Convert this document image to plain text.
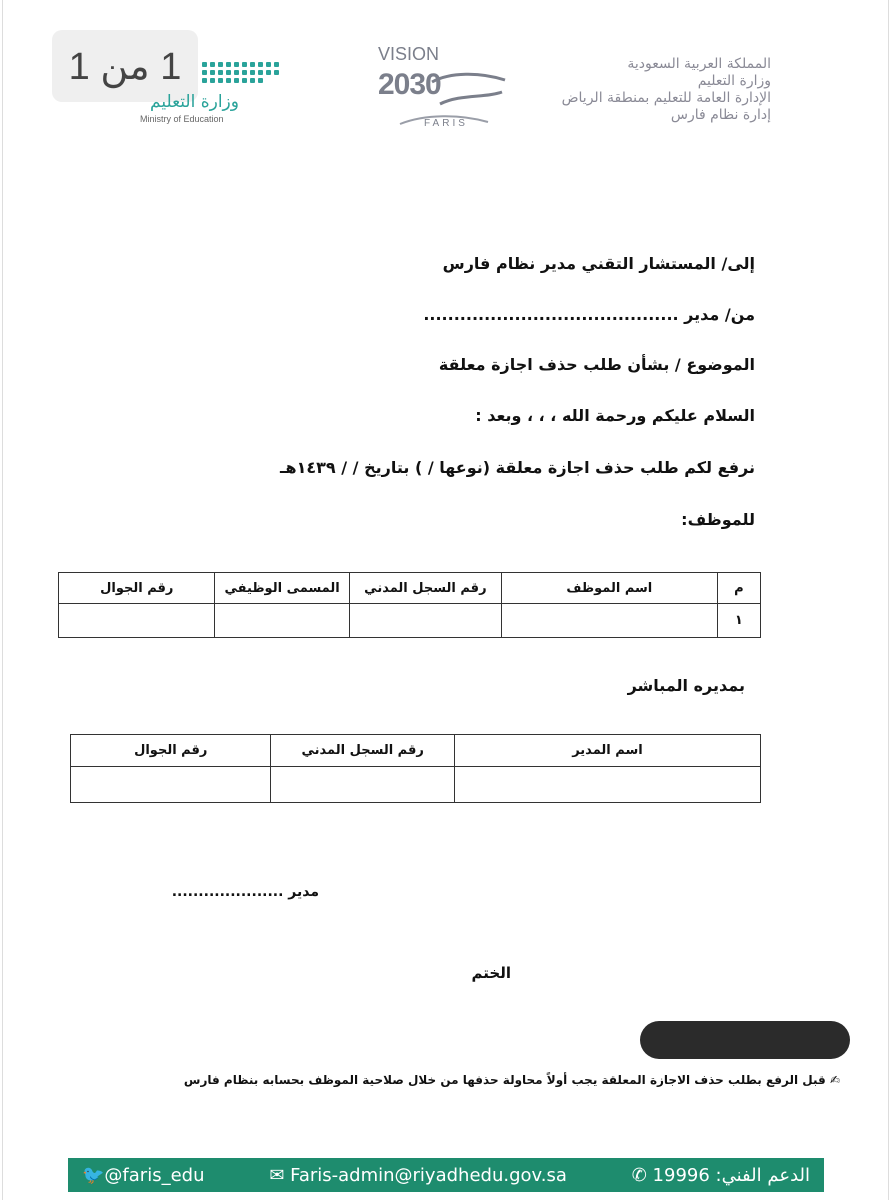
1 من 1
وزارة التعليم
Ministry of Education
VISION
2030
FARIS
المملكة العربية السعودية
وزارة التعليم
الإدارة العامة للتعليم بمنطقة الرياض
إدارة نظام فارس
إلى/ المستشار التقني مدير نظام فارس
من/ مدير ..........................................
الموضوع / بشأن طلب حذف اجازة معلقة
السلام عليكم ورحمة الله ، ، ، وبعد :
نرفع لكم طلب حذف اجازة معلقة (نوعها / ) بتاريخ / / ١٤٣٩هـ
للموظف:
م	اسم الموظف	رقم السجل المدني	المسمى الوظيفي	رقم الجوال
١				
بمديره المباشر
اسم المدير	رقم السجل المدني	رقم الجوال

مدير .....................
الختم
✍ قبل الرفع بطلب حذف الاجازة المعلقة يجب أولاً محاولة حذفها من خلال صلاحية الموظف بحسابه بنظام فارس
🐦@faris_edu	✉ Faris-admin@riyadhedu.gov.sa	الدعم الفني: 19996 ✆
